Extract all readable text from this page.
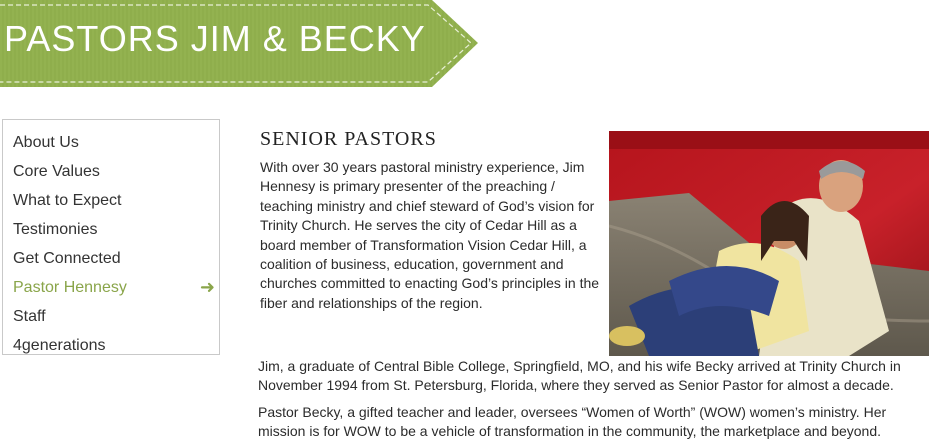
PASTORS JIM & BECKY
About Us
Core Values
What to Expect
Testimonies
Get Connected
Pastor Hennesy	➜
Staff
4generations
SENIOR PASTORS

With over 30 years pastoral ministry experience, Jim Hennesy is primary presenter of the preaching / teaching ministry and chief steward of God’s vision for Trinity Church. He serves the city of Cedar Hill as a board member of Transformation Vision Cedar Hill, a coalition of business, education, government and churches committed to enacting God’s principles in the fiber and relationships of the region.

Jim, a graduate of Central Bible College, Springfield, MO, and his wife Becky arrived at Trinity Church in November 1994 from St. Petersburg, Florida, where they served as Senior Pastor for almost a decade.

Pastor Becky, a gifted teacher and leader, oversees “Women of Worth” (WOW) women’s ministry. Her mission is for WOW to be a vehicle of transformation in the community, the marketplace and beyond.
